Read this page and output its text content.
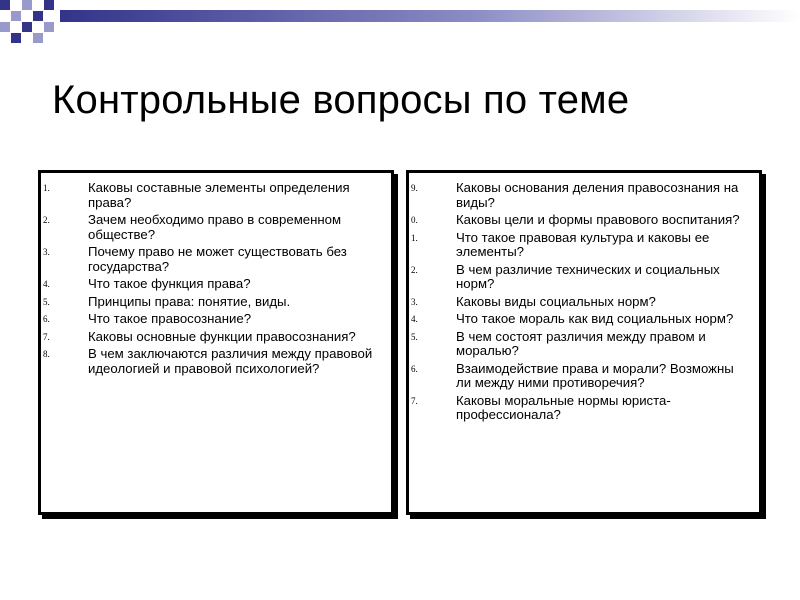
Контрольные вопросы по теме
1.	Каковы составные элементы определения права?
2.	Зачем необходимо право в современном обществе?
3.	Почему право не может существовать без государства?
4.	Что такое функция права?
5.	Принципы права: понятие, виды.
6.	Что такое правосознание?
7.	Каковы основные функции правосознания?
8.	В чем заключаются различия между правовой идеологией и правовой психологией?
9.	Каковы основания деления правосознания на виды?
0.	Каковы цели и формы правового воспитания?
1.	Что такое правовая культура и каковы ее элементы?
2.	В чем различие технических и социальных норм?
3.	Каковы виды социальных норм?
4.	Что такое мораль как вид социальных норм?
5.	В чем состоят различия между правом и моралью?
6.	Взаимодействие права и морали? Возможны ли между ними противоречия?
7.	Каковы моральные нормы юриста-профессионала?
